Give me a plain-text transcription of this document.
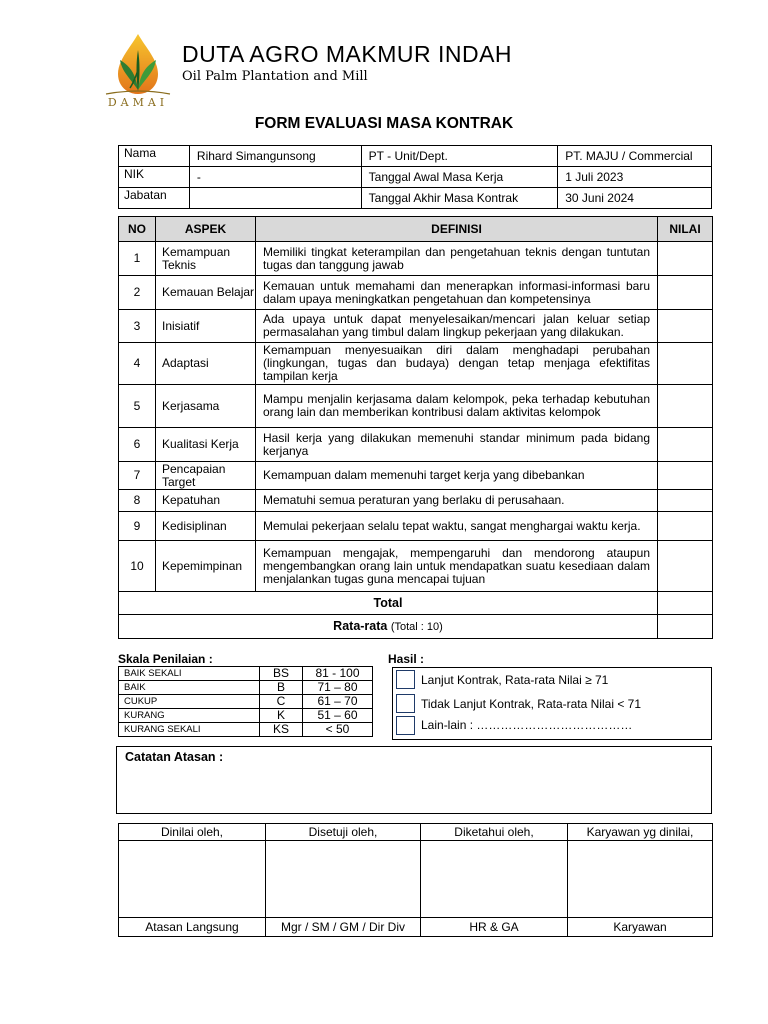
DAMAI
DUTA AGRO MAKMUR INDAH
Oil Palm Plantation and Mill
FORM EVALUASI MASA KONTRAK
Nama	Rihard Simangunsong	PT - Unit/Dept.	PT. MAJU / Commercial
NIK	-	Tanggal Awal Masa Kerja	1 Juli 2023
Jabatan		Tanggal Akhir Masa Kontrak	30 Juni 2024
NO	ASPEK	DEFINISI	NILAI
1	Kemampuan Teknis	Memiliki tingkat keterampilan dan pengetahuan teknis dengan tuntutan tugas dan tanggung jawab	
2	Kemauan Belajar	Kemauan untuk memahami dan menerapkan informasi-informasi baru dalam upaya meningkatkan pengetahuan dan kompetensinya	
3	Inisiatif	Ada upaya untuk dapat menyelesaikan/mencari jalan keluar setiap permasalahan yang timbul dalam lingkup pekerjaan yang dilakukan.	
4	Adaptasi	Kemampuan menyesuaikan diri dalam menghadapi perubahan (lingkungan, tugas dan budaya) dengan tetap menjaga efektifitas tampilan kerja	
5	Kerjasama	Mampu menjalin kerjasama dalam kelompok, peka terhadap kebutuhan orang lain dan memberikan kontribusi dalam aktivitas kelompok	
6	Kualitasi Kerja	Hasil kerja yang dilakukan memenuhi standar minimum pada bidang kerjanya	
7	Pencapaian Target	Kemampuan dalam memenuhi target kerja yang dibebankan	
8	Kepatuhan	Mematuhi semua peraturan yang berlaku di perusahaan.	
9	Kedisiplinan	Memulai pekerjaan selalu tepat waktu, sangat menghargai waktu kerja.	
10	Kepemimpinan	Kemampuan mengajak, mempengaruhi dan mendorong ataupun mengembangkan orang lain untuk mendapatkan suatu kesediaan dalam menjalankan tugas guna mencapai tujuan	
Total			
Rata-rata (Total : 10)			
Skala Penilaian :
BAIK SEKALI	BS	81 - 100
BAIK	B	71 – 80
CUKUP	C	61 – 70
KURANG	K	51 – 60
KURANG SEKALI	KS	< 50
Hasil :
Lanjut Kontrak, Rata-rata Nilai ≥ 71
Tidak Lanjut Kontrak, Rata-rata Nilai < 71
Lain-lain : …………………………………
Catatan Atasan :
Dinilai oleh,	Disetuji oleh,	Diketahui oleh,	Karyawan yg dinilai,

Atasan Langsung	Mgr / SM / GM / Dir Div	HR & GA	Karyawan
